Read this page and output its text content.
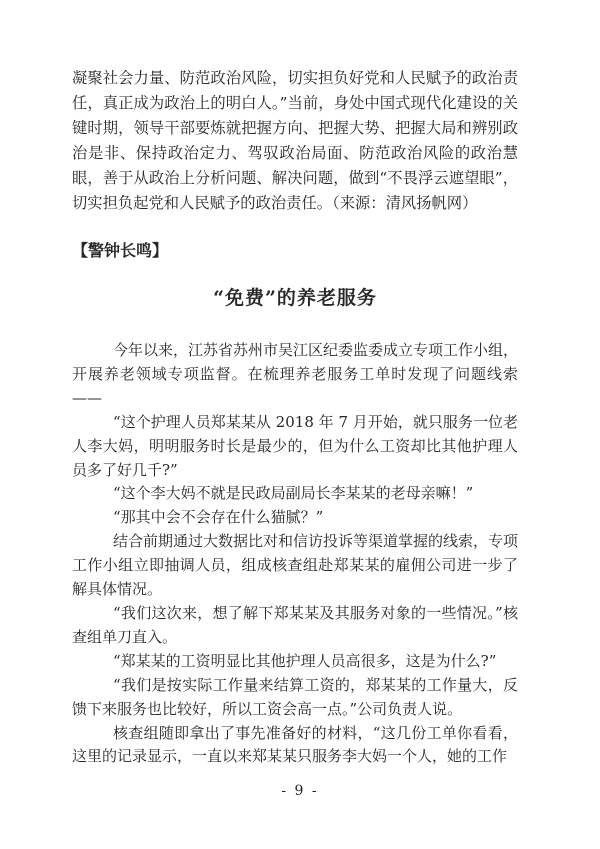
凝聚社会力量、防范政治风险，切实担负好党和人民赋予的政治责任，真正成为政治上的明白人。”当前，身处中国式现代化建设的关键时期，领导干部要炼就把握方向、把握大势、把握大局和辨别政治是非、保持政治定力、驾驭政治局面、防范政治风险的政治慧眼，善于从政治上分析问题、解决问题，做到“不畏浮云遮望眼”，切实担负起党和人民赋予的政治责任。（来源：清风扬帆网）

【警钟长鸣】
“免费”的养老服务

今年以来，江苏省苏州市吴江区纪委监委成立专项工作小组，开展养老领域专项监督。在梳理养老服务工单时发现了问题线索——

“这个护理人员郑某某从 2018 年 7 月开始，就只服务一位老人李大妈，明明服务时长是最少的，但为什么工资却比其他护理人员多了好几千?”

“这个李大妈不就是民政局副局长李某某的老母亲嘛！”

“那其中会不会存在什么猫腻？”

结合前期通过大数据比对和信访投诉等渠道掌握的线索，专项工作小组立即抽调人员，组成核查组赴郑某某的雇佣公司进一步了解具体情况。

“我们这次来，想了解下郑某某及其服务对象的一些情况。”核查组单刀直入。

“郑某某的工资明显比其他护理人员高很多，这是为什么?”

“我们是按实际工作量来结算工资的，郑某某的工作量大，反馈下来服务也比较好，所以工资会高一点。”公司负责人说。

核查组随即拿出了事先准备好的材料，“这几份工单你看看，这里的记录显示，一直以来郑某某只服务李大妈一个人，她的工作

- 9 -
